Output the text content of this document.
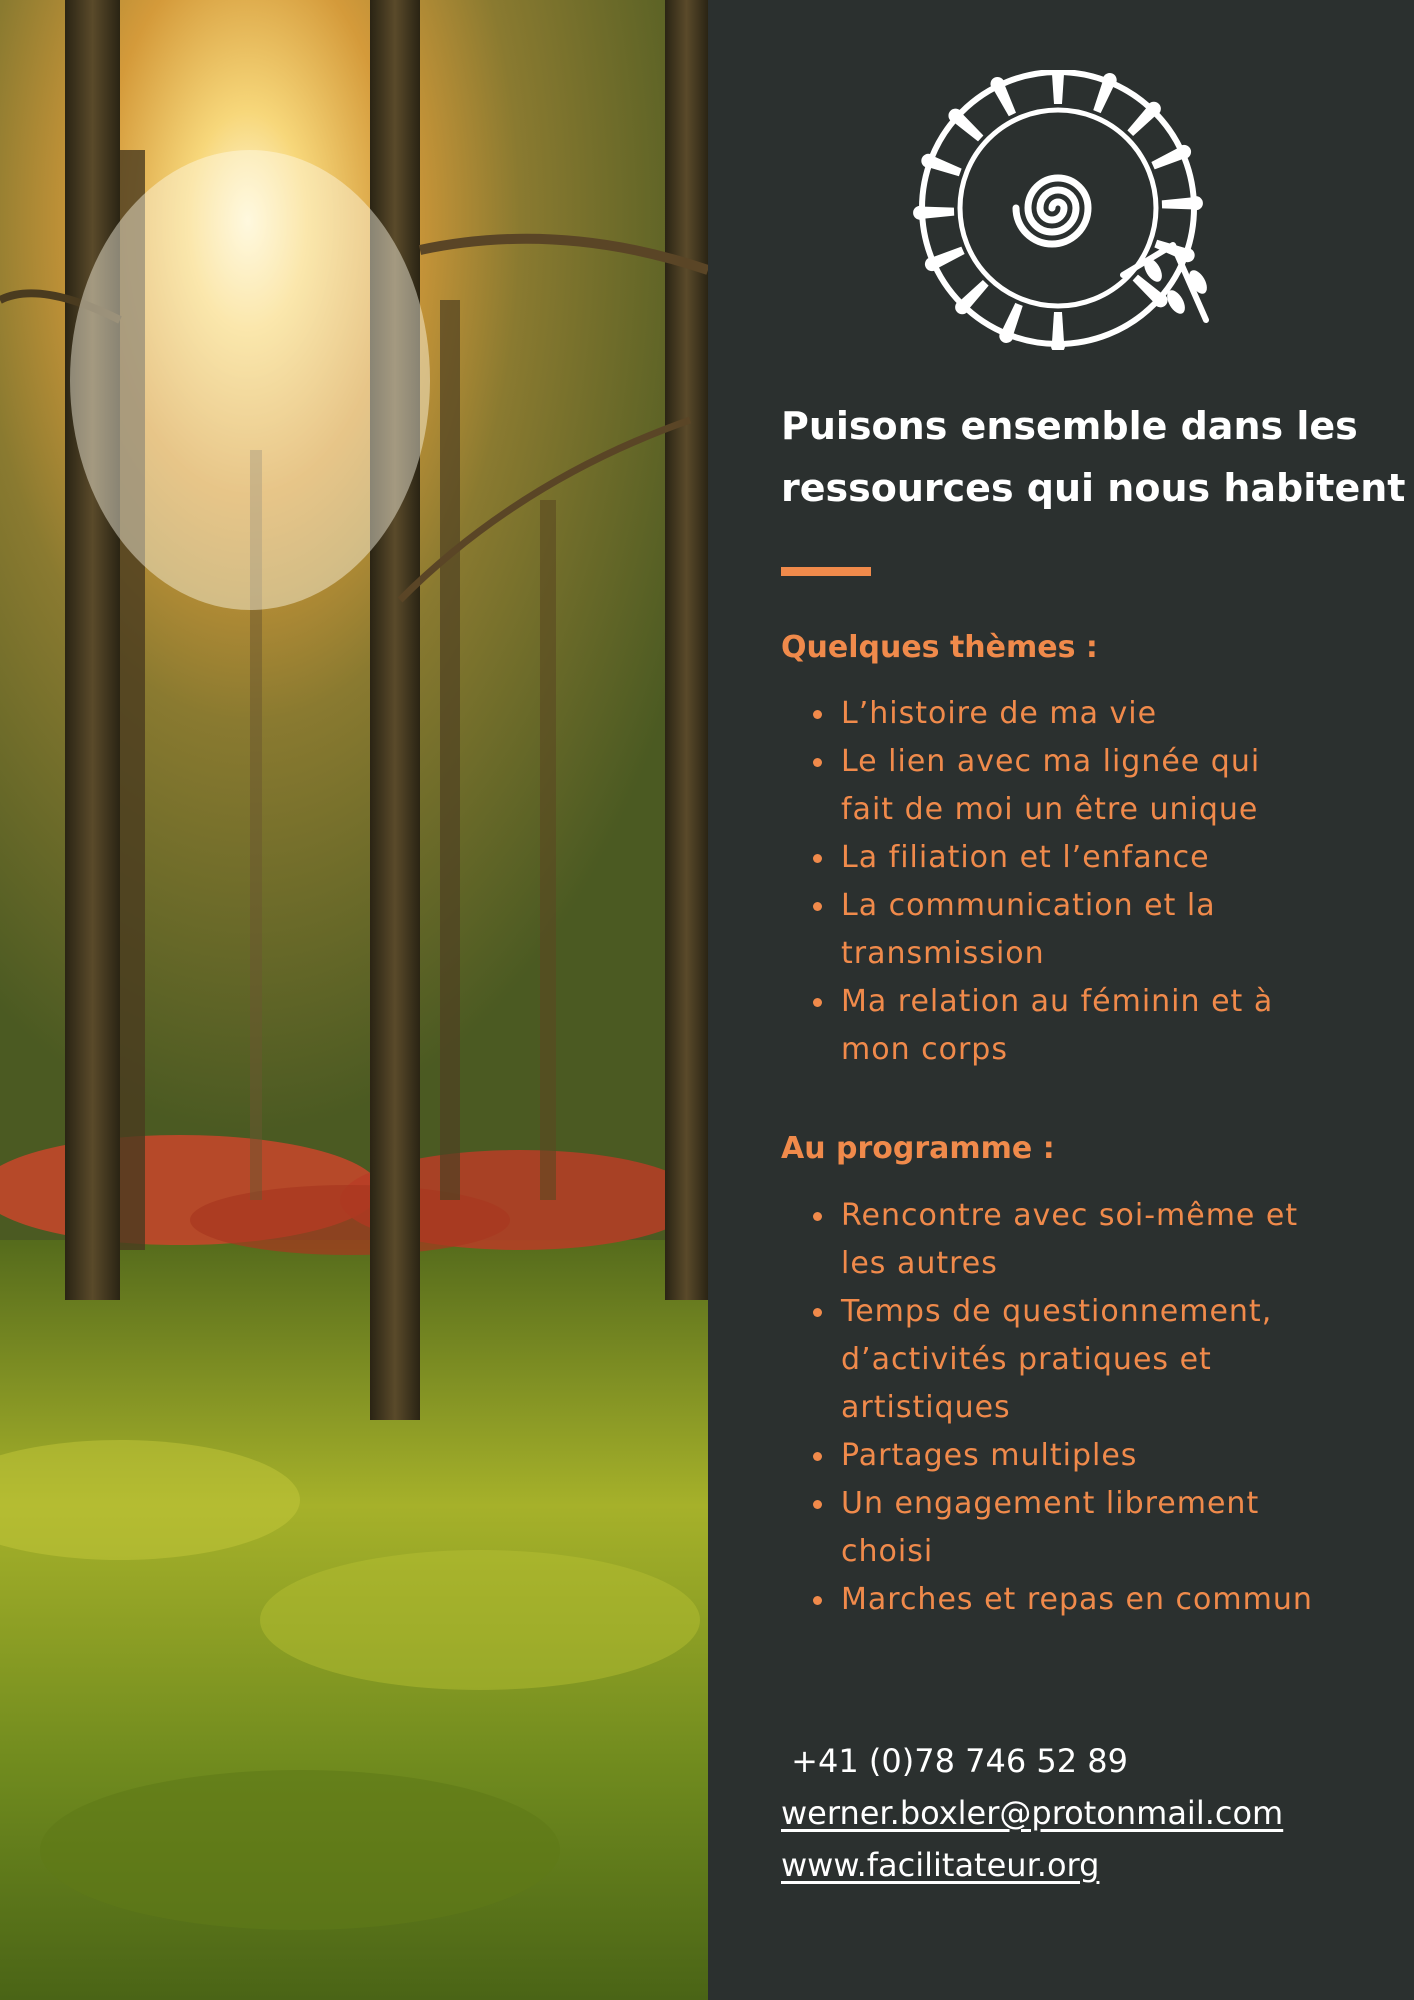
Puisons ensemble dans les
ressources qui nous habitent
Quelques thèmes :
L’histoire de ma vie
Le lien avec ma lignée qui
fait de moi un être unique
La filiation et l’enfance
La communication et la
transmission
Ma relation au féminin et à
mon corps
Au programme :
Rencontre avec soi-même et
les autres
Temps de questionnement,
d’activités pratiques et
artistiques
Partages multiples
Un engagement librement
choisi
Marches et repas en commun
+41 (0)78 746 52 89
werner.boxler@protonmail.com
www.facilitateur.org
